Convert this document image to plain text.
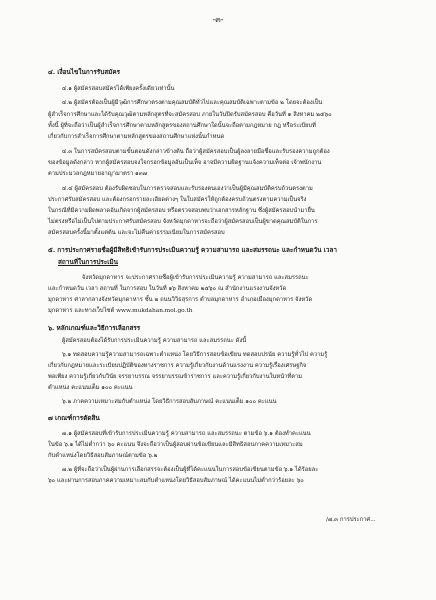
-๓-
๔. เงื่อนไขในการรับสมัคร
๔.๑ ผู้สมัครสอบสมัครได้เพียงครั้งเดียวเท่านั้น
๔.๒ ผู้สมัครต้องเป็นผู้มีวุฒิการศึกษาตรงตามคุณสมบัติทั่วไปและคุณสมบัติเฉพาะตามข้อ ๒ โดยจะต้องเป็น
ผู้สำเร็จการศึกษาและได้รับคุณวุฒิตามหลักสูตรที่จะสมัครสอบ ภายในวันปิดรับสมัครสอบ คือวันที่ ๑ สิงหาคม ๒๕๖๐
ทั้งนี้ ผู้ที่จะถือว่าเป็นผู้สำเร็จการศึกษาตามหลักสูตรของสถานศึกษาใดนั้นจะถือตามกฎหมาย กฎ หรือระเบียบที่
เกี่ยวกับการสำเร็จการศึกษาตามหลักสูตรของสถานศึกษาแห่งนั้นกำหนด
๔.๓ ในการสมัครสอบตามขั้นตอนดังกล่าวข้างต้น ถือว่าผู้สมัครสอบเป็นผู้ลงลายมือชื่อและรับรองความถูกต้อง
ของข้อมูลดังกล่าว หากผู้สมัครสอบจงใจกรอกข้อมูลอันเป็นเท็จ อาจมีความผิดฐานแจ้งความเท็จต่อ เจ้าพนักงาน
ตามประมวลกฎหมายอาญามาตรา ๑๓๗
๔.๔ ผู้สมัครสอบ ต้องรับผิดชอบในการตรวจสอบและรับรองตนเองว่าเป็นผู้มีคุณสมบัติครบถ้วนตรงตาม
ประกาศรับสมัครสอบ และต้องกรอกรายละเอียดต่างๆ ในใบสมัครให้ถูกต้องครบถ้วนตรงตามความเป็นจริง
ในกรณีที่มีความผิดพลาดอันเกิดจากผู้สมัครสอบ หรือตรวจสอบพบว่าเอกสารหลักฐาน ซึ่งผู้สมัครสอบนำมายื่น
ไม่ตรงหรือไม่เป็นไปตามประกาศรับสมัครสอบ จังหวัดมุกดาหารจะถือว่าผู้สมัครสอบเป็นผู้ขาดคุณสมบัติในการ
สมัครสอบครั้งนี้มาตั้งแต่ต้น และจะไม่คืนค่าธรรมเนียมในการสมัครสอบ
๕. การประกาศรายชื่อผู้มีสิทธิเข้ารับการประเมินความรู้ ความสามารถ และสมรรถนะ และกำหนดวัน เวลา
สถานที่ในการประเมิน
จังหวัดมุกดาหาร จะประกาศรายชื่อผู้เข้ารับการประเมินความรู้ ความสามารถ และสมรรถนะ
และกำหนดวัน เวลา สถานที่ ในการสอบ ในวันที่ ๑๖ สิงหาคม ๒๕๖๐ ณ สำนักงานแรงงานจังหวัด
มุกดาหาร ศาลากลางจังหวัดมุกดาหาร ชั้น ๒ ถนนวิวิธสุรการ ตำบลมุกดาหาร อำเภอเมืองมุกดาหาร จังหวัด
มุกดาหาร และทางเว็บไซต์ www.mukdahan.mol.go.th
๖. หลักเกณฑ์และวิธีการเลือกสรร
ผู้สมัครสอบต้องได้รับการประเมินความรู้ ความสามารถ และสมรรถนะ ดังนี้
๖.๑ ทดสอบความรู้ความสามารถเฉพาะตำแหน่ง โดยวิธีการสอบข้อเขียน ทดสอบปรนัย ความรู้ทั่วไป ความรู้
เกี่ยวกับกฎหมายและระเบียบปฏิบัติของทางราชการ ความรู้เกี่ยวกับงานด้านแรงงาน ความรู้เรื่องเศรษฐกิจ
พอเพียง ความรู้เกี่ยวกับวินัย จรรยาบรรณ จรรยาบรรณข้าราชการ และความรู้เกี่ยวกับงานในหน้าที่ตาม
ตำแหน่ง คะแนนเต็ม ๑๐๐ คะแนน
๖.๒ ภาคความเหมาะสมกับตำแหน่ง โดยวิธีการสอบสัมภาษณ์ คะแนนเต็ม ๑๐๐ คะแนน
๗ เกณฑ์การตัดสิน
๗.๑ ผู้สมัครสอบที่เข้ารับการประเมินความรู้ ความสามารถ และสมรรถนะ ตามข้อ ๖.๑ ต้องทำคะแนน
ในข้อ ๖.๑ ได้ไม่ต่ำกว่า ๖๐ คะแนน จึงจะถือว่าเป็นผู้สอบผ่านข้อเขียนและมีสิทธิสอบภาคความเหมาะสม
กับตำแหน่งโดยวิธีสอบสัมภาษณ์ตามข้อ ๖.๒
๗.๒ ผู้ที่จะถือว่าเป็นผู้ผ่านการเลือกสรรจะต้องเป็นผู้ที่ได้คะแนนในการสอบข้อเขียนตามข้อ ๖.๑ ได้ร้อยละ
๖๐ และผ่านการสอบภาคความเหมาะสมกับตำแหน่งโดยวิธีสอบสัมภาษณ์ ได้คะแนนไม่ต่ำกว่าร้อยละ ๖๐
/๗.๓ การประกาศ...
